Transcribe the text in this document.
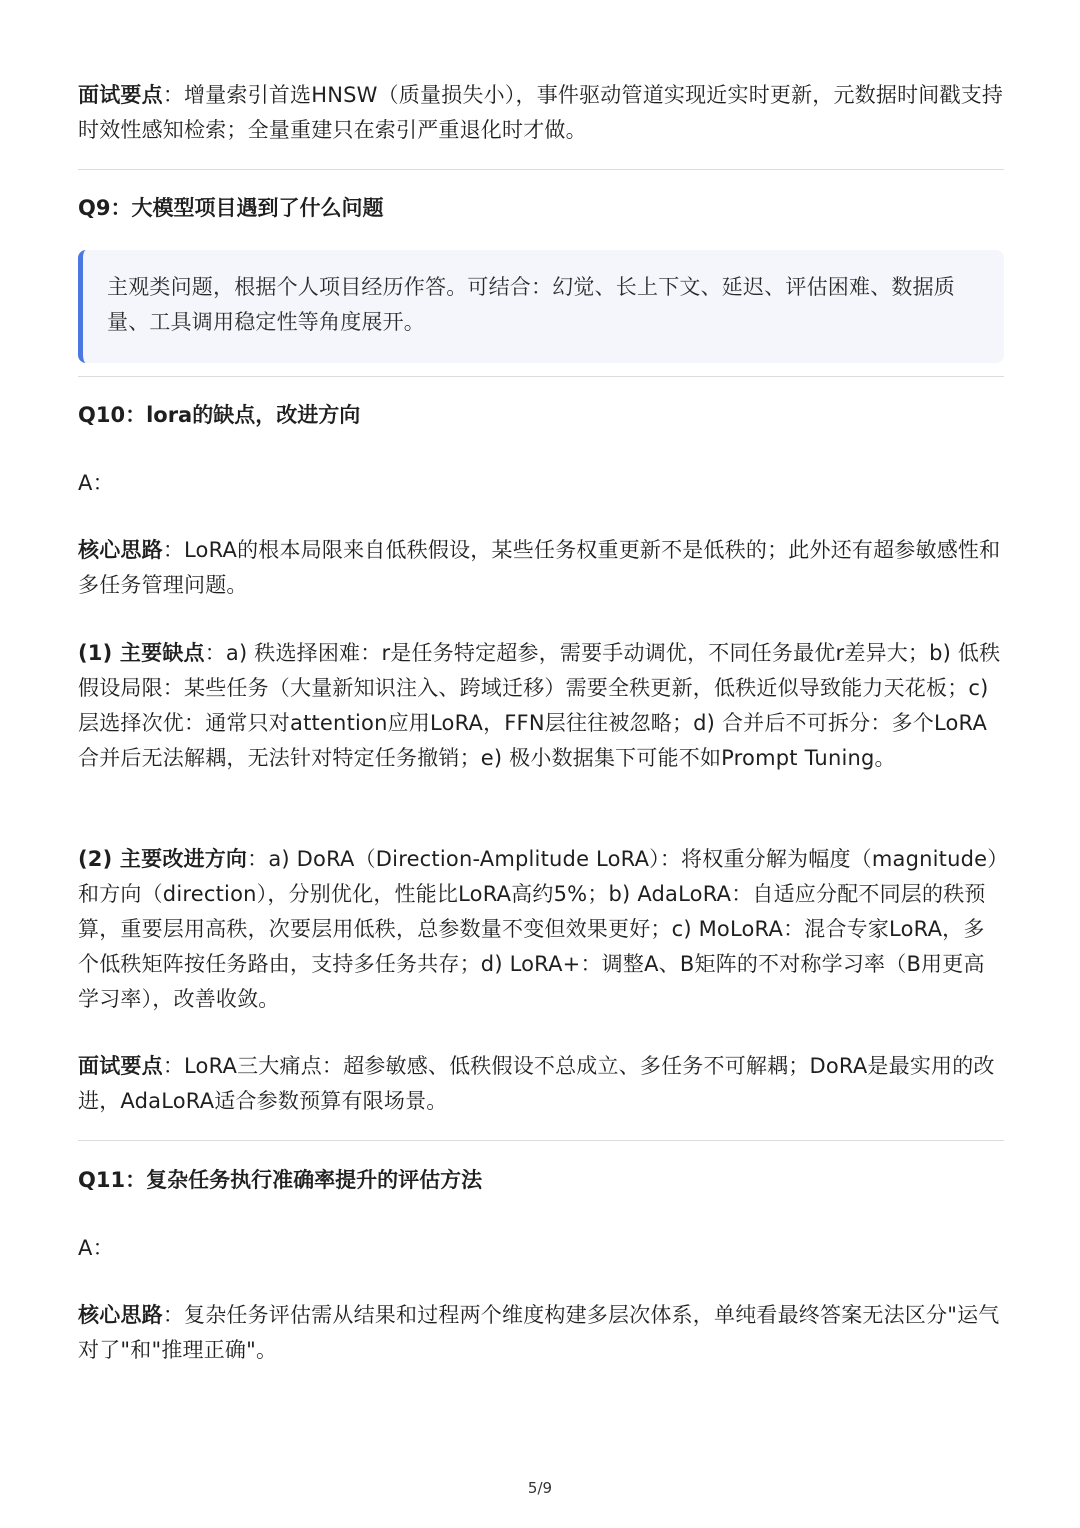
面试要点：增量索引首选HNSW（质量损失小），事件驱动管道实现近实时更新，元数据时间戳支持时效性感知检索；全量重建只在索引严重退化时才做。

Q9：大模型项目遇到了什么问题

主观类问题，根据个人项目经历作答。可结合：幻觉、长上下文、延迟、评估困难、数据质量、工具调用稳定性等角度展开。

Q10：lora的缺点，改进方向

A：

核心思路：LoRA的根本局限来自低秩假设，某些任务权重更新不是低秩的；此外还有超参敏感性和多任务管理问题。

(1) 主要缺点：a) 秩选择困难：r是任务特定超参，需要手动调优，不同任务最优r差异大；b) 低秩假设局限：某些任务（大量新知识注入、跨域迁移）需要全秩更新，低秩近似导致能力天花板；c) 层选择次优：通常只对attention应用LoRA，FFN层往往被忽略；d) 合并后不可拆分：多个LoRA合并后无法解耦，无法针对特定任务撤销；e) 极小数据集下可能不如Prompt Tuning。

(2) 主要改进方向：a) DoRA（Direction-Amplitude LoRA）：将权重分解为幅度（magnitude）和方向（direction），分别优化，性能比LoRA高约5%；b) AdaLoRA：自适应分配不同层的秩预算，重要层用高秩，次要层用低秩，总参数量不变但效果更好；c) MoLoRA：混合专家LoRA，多个低秩矩阵按任务路由，支持多任务共存；d) LoRA+：调整A、B矩阵的不对称学习率（B用更高学习率），改善收敛。

面试要点：LoRA三大痛点：超参敏感、低秩假设不总成立、多任务不可解耦；DoRA是最实用的改进，AdaLoRA适合参数预算有限场景。

Q11：复杂任务执行准确率提升的评估方法

A：

核心思路：复杂任务评估需从结果和过程两个维度构建多层次体系，单纯看最终答案无法区分"运气对了"和"推理正确"。

5/9
